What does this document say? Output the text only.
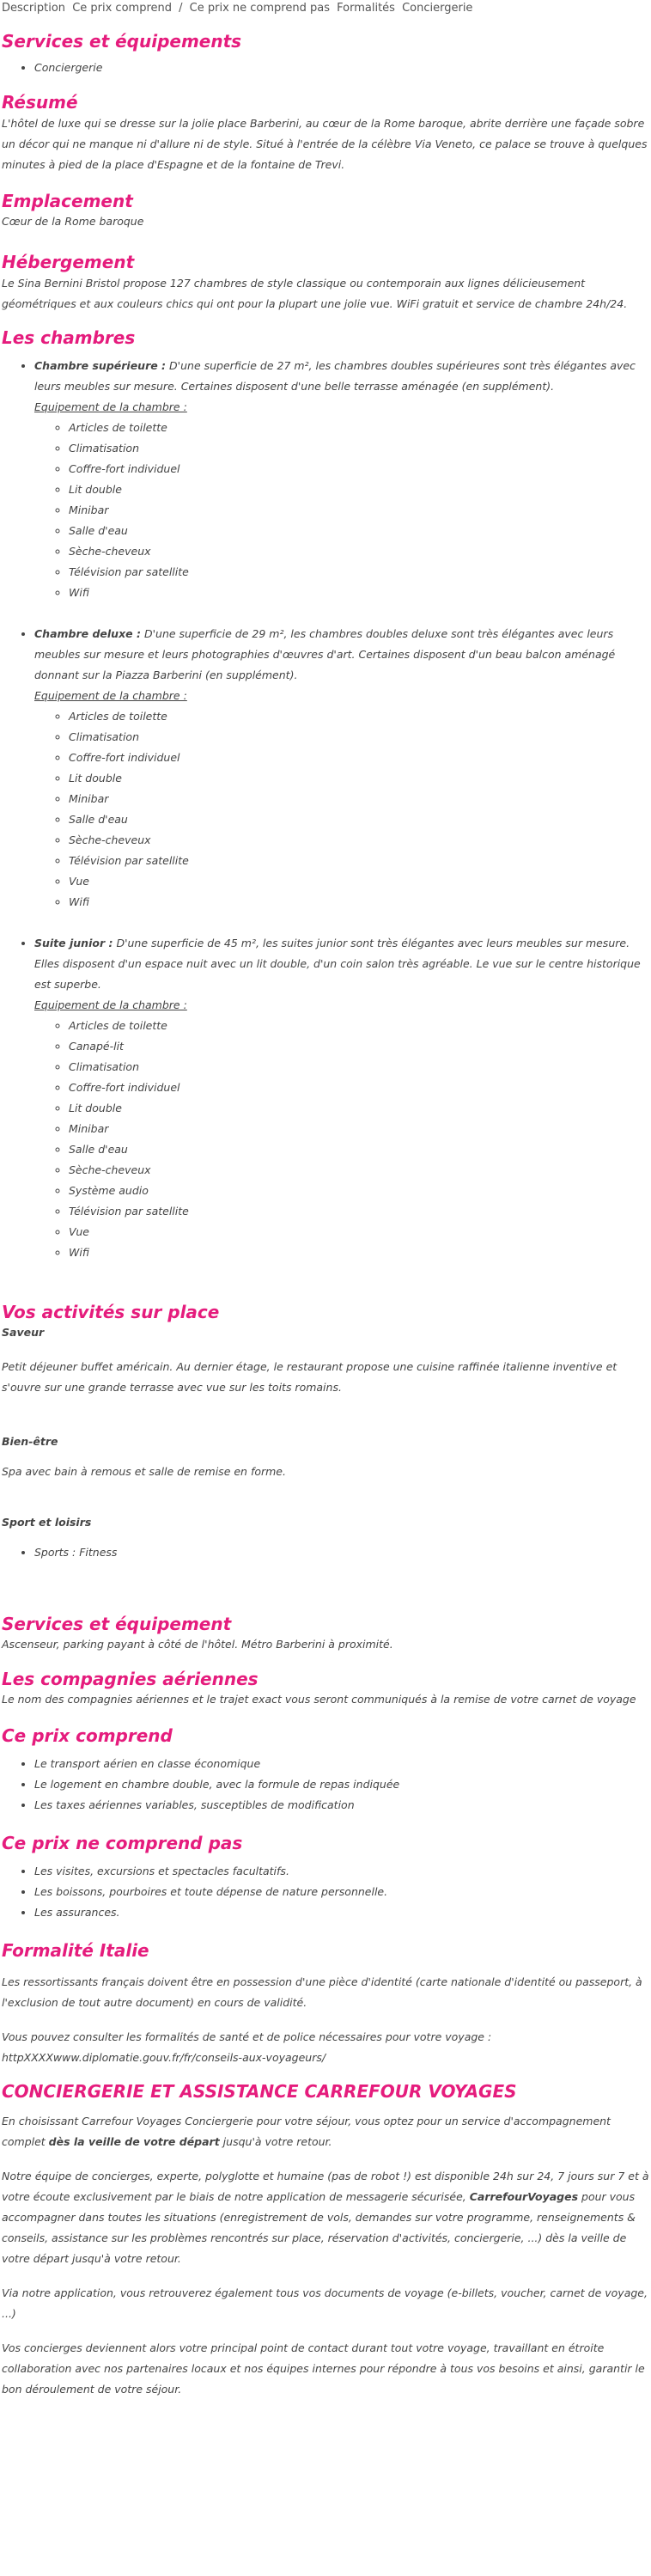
Description Ce prix comprend / Ce prix ne comprend pas Formalités Conciergerie
Services et équipements
• Conciergerie
Résumé

L'hôtel de luxe qui se dresse sur la jolie place Barberini, au cœur de la Rome baroque, abrite derrière une façade sobre un décor qui ne manque ni d'allure ni de style. Situé à l'entrée de la célèbre Via Veneto, ce palace se trouve à quelques minutes à pied de la place d'Espagne et de la fontaine de Trevi.

Emplacement

Cœur de la Rome baroque

Hébergement

Le Sina Bernini Bristol propose 127 chambres de style classique ou contemporain aux lignes délicieusement géométriques et aux couleurs chics qui ont pour la plupart une jolie vue. WiFi gratuit et service de chambre 24h/24.

Les chambres
• Chambre supérieure : D'une superficie de 27 m², les chambres doubles supérieures sont très élégantes avec leurs meubles sur mesure. Certaines disposent d'une belle terrasse aménagée (en supplément).
Equipement de la chambre :
◦ Articles de toilette
◦ Climatisation
◦ Coffre-fort individuel
◦ Lit double
◦ Minibar
◦ Salle d'eau
◦ Sèche-cheveux
◦ Télévision par satellite
◦ Wifi
• Chambre deluxe : D'une superficie de 29 m², les chambres doubles deluxe sont très élégantes avec leurs meubles sur mesure et leurs photographies d'œuvres d'art. Certaines disposent d'un beau balcon aménagé donnant sur la Piazza Barberini (en supplément).
Equipement de la chambre :
◦ Articles de toilette
◦ Climatisation
◦ Coffre-fort individuel
◦ Lit double
◦ Minibar
◦ Salle d'eau
◦ Sèche-cheveux
◦ Télévision par satellite
◦ Vue
◦ Wifi
• Suite junior : D'une superficie de 45 m², les suites junior sont très élégantes avec leurs meubles sur mesure. Elles disposent d'un espace nuit avec un lit double, d'un coin salon très agréable. Le vue sur le centre historique est superbe.
Equipement de la chambre :
◦ Articles de toilette
◦ Canapé-lit
◦ Climatisation
◦ Coffre-fort individuel
◦ Lit double
◦ Minibar
◦ Salle d'eau
◦ Sèche-cheveux
◦ Système audio
◦ Télévision par satellite
◦ Vue
◦ Wifi
Vos activités sur place

Saveur

Petit déjeuner buffet américain. Au dernier étage, le restaurant propose une cuisine raffinée italienne inventive et s'ouvre sur une grande terrasse avec vue sur les toits romains.

Bien-être

Spa avec bain à remous et salle de remise en forme.

Sport et loisirs

• Sports : Fitness
Services et équipement

Ascenseur, parking payant à côté de l'hôtel. Métro Barberini à proximité.

Les compagnies aériennes

Le nom des compagnies aériennes et le trajet exact vous seront communiqués à la remise de votre carnet de voyage

Ce prix comprend
• Le transport aérien en classe économique
• Le logement en chambre double, avec la formule de repas indiquée
• Les taxes aériennes variables, susceptibles de modification
Ce prix ne comprend pas
• Les visites, excursions et spectacles facultatifs.
• Les boissons, pourboires et toute dépense de nature personnelle.
• Les assurances.
Formalité Italie

Les ressortissants français doivent être en possession d'une pièce d'identité (carte nationale d'identité ou passeport, à l'exclusion de tout autre document) en cours de validité.

Vous pouvez consulter les formalités de santé et de police nécessaires pour votre voyage :

httpXXXXwww.diplomatie.gouv.fr/fr/conseils-aux-voyageurs/

CONCIERGERIE ET ASSISTANCE CARREFOUR VOYAGES

En choisissant Carrefour Voyages Conciergerie pour votre séjour, vous optez pour un service d'accompagnement complet dès la veille de votre départ jusqu'à votre retour.

Notre équipe de concierges, experte, polyglotte et humaine (pas de robot !) est disponible 24h sur 24, 7 jours sur 7 et à votre écoute exclusivement par le biais de notre application de messagerie sécurisée, CarrefourVoyages pour vous accompagner dans toutes les situations (enregistrement de vols, demandes sur votre programme, renseignements & conseils, assistance sur les problèmes rencontrés sur place, réservation d'activités, conciergerie, ...) dès la veille de votre départ jusqu'à votre retour.

Via notre application, vous retrouverez également tous vos documents de voyage (e-billets, voucher, carnet de voyage, ...)

Vos concierges deviennent alors votre principal point de contact durant tout votre voyage, travaillant en étroite collaboration avec nos partenaires locaux et nos équipes internes pour répondre à tous vos besoins et ainsi, garantir le bon déroulement de votre séjour.
